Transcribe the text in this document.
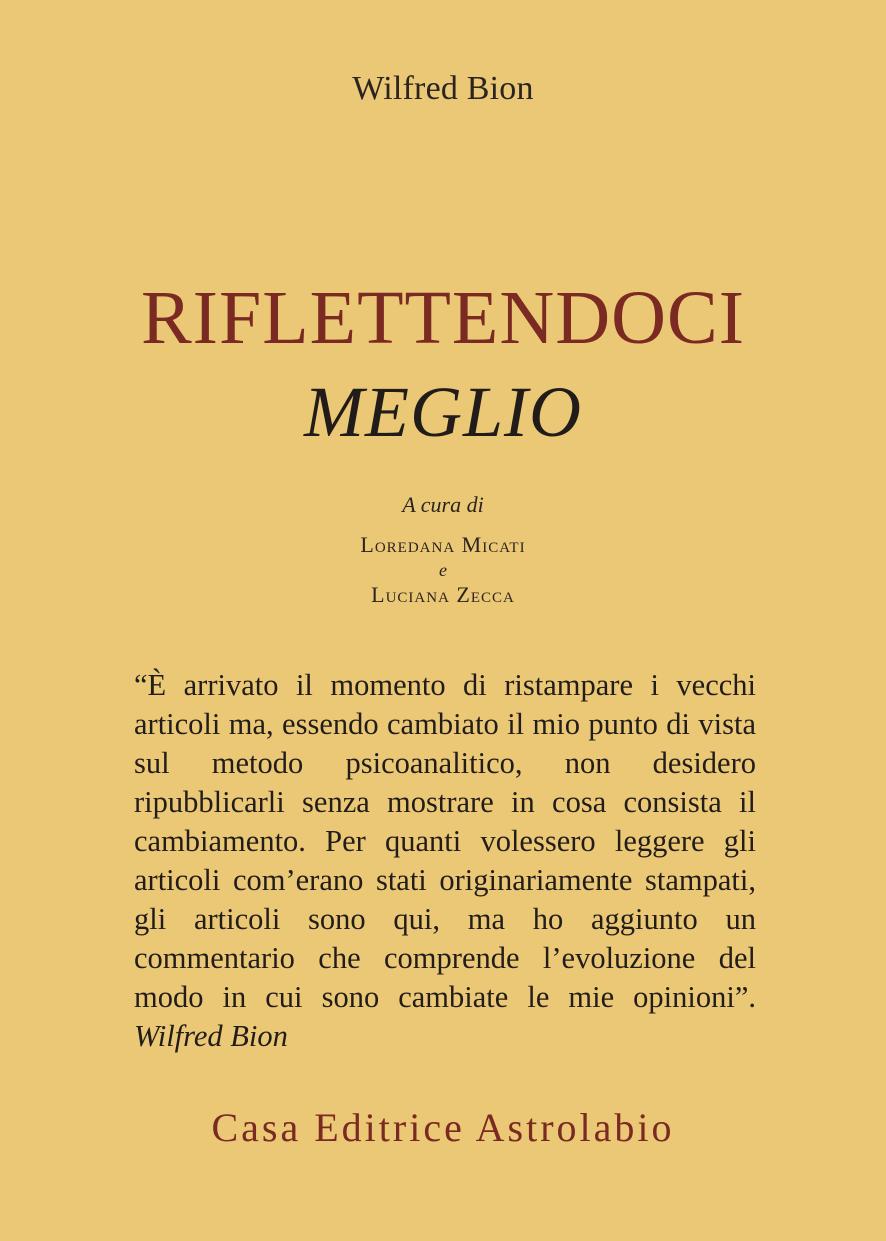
Wilfred Bion
RIFLETTENDOCI
MEGLIO
A cura di
Loredana Micati
e
Luciana Zecca
“È arrivato il momento di ristampare i vecchi articoli ma, essendo cambiato il mio punto di vista sul metodo psicoanalitico, non desidero ripubblicarli senza mostrare in cosa consista il cambiamento. Per quanti volessero leggere gli articoli com’erano stati originariamente stampati, gli articoli sono qui, ma ho aggiunto un commentario che comprende l’evoluzione del modo in cui sono cambiate le mie opinioni”. Wilfred Bion
Casa Editrice Astrolabio
